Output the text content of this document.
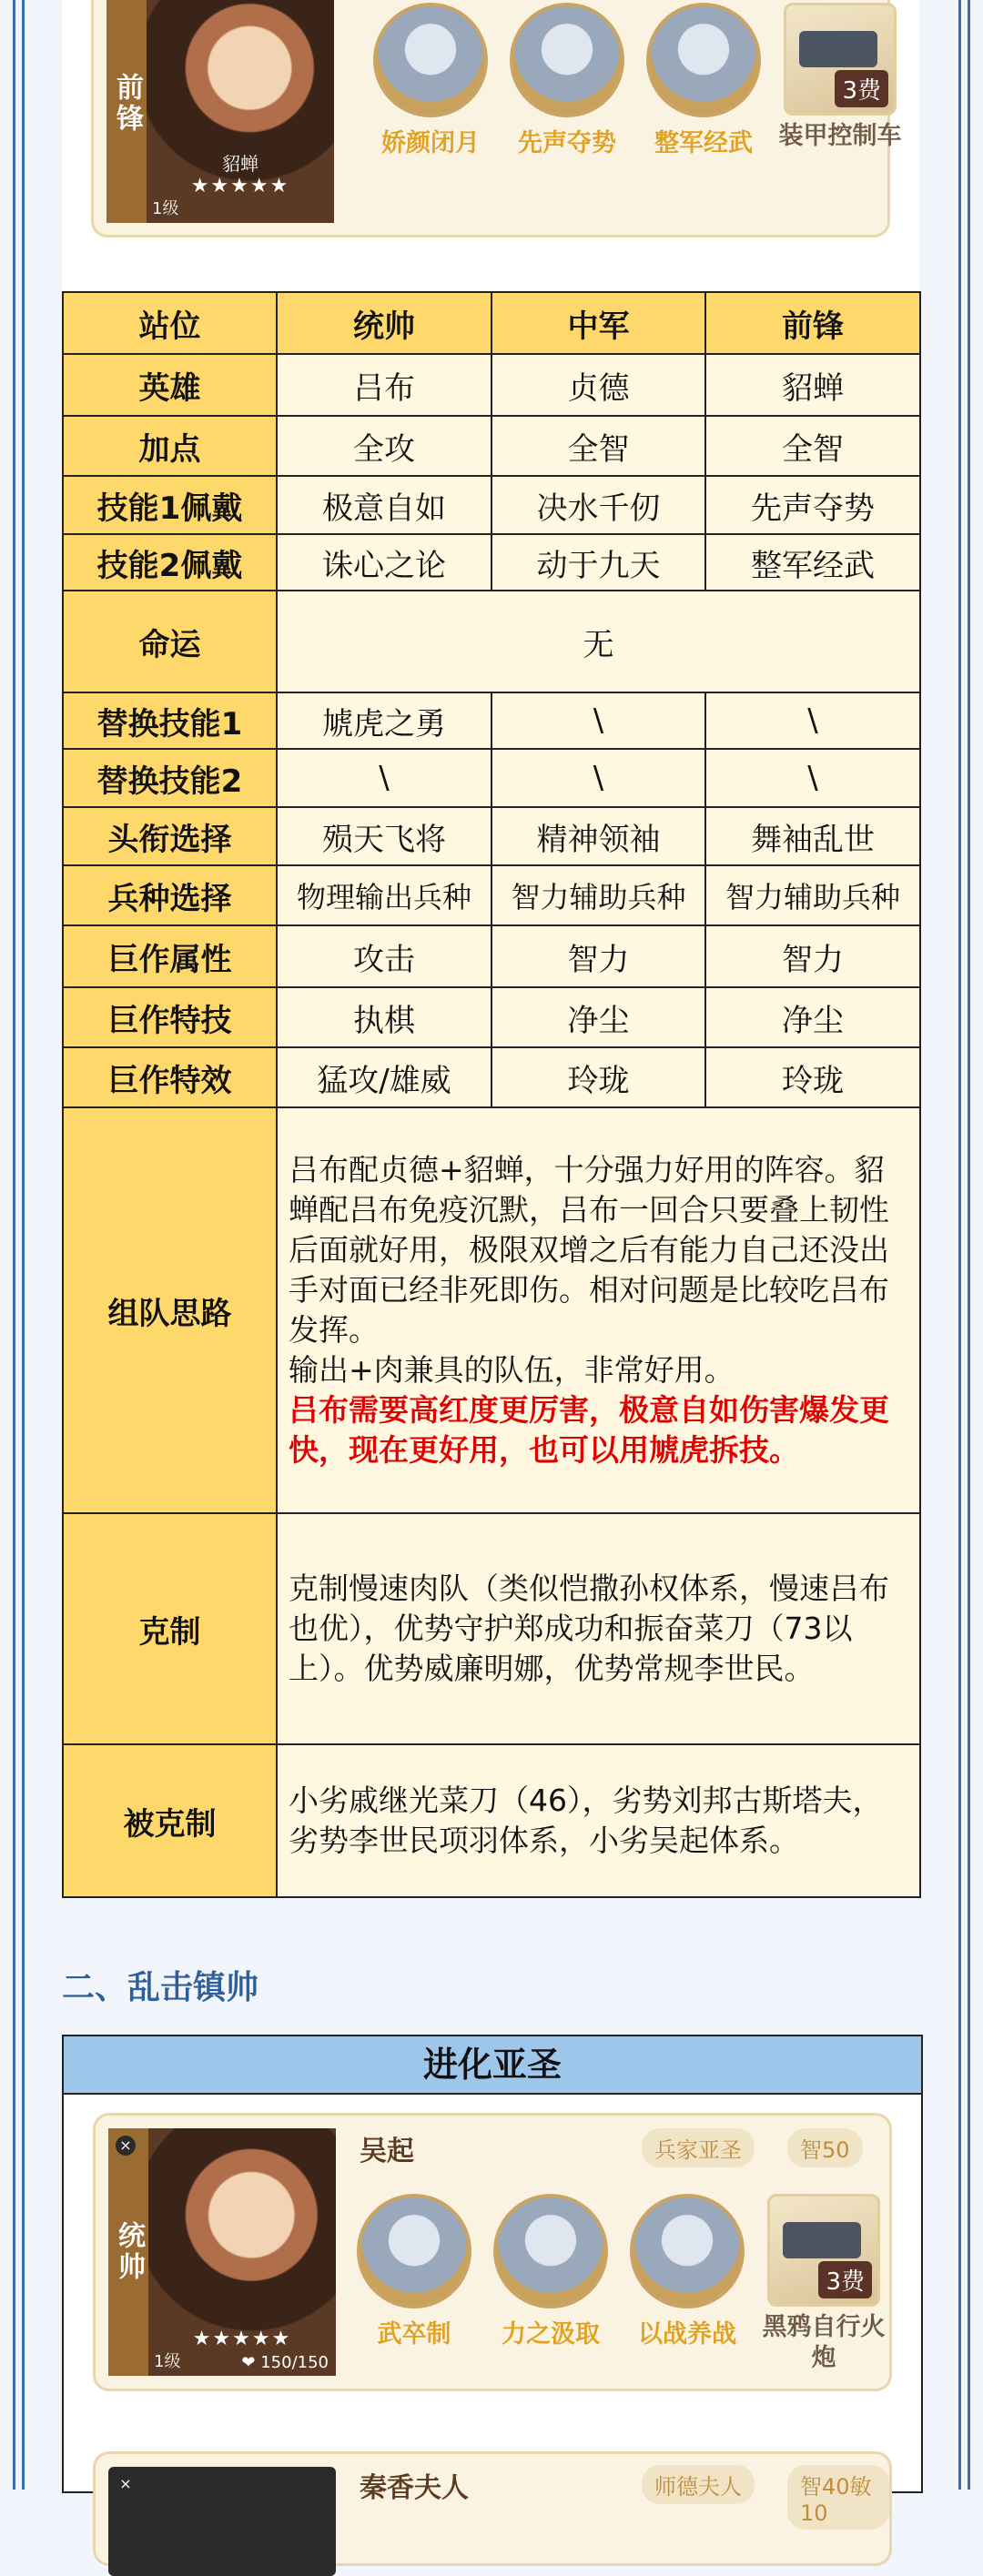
前锋
貂蝉
★★★★★
1级
娇颜闭月	先声夺势	整军经武
3费
装甲控制车
站位	统帅	中军	前锋
英雄	吕布	贞德	貂蝉
加点	全攻	全智	全智
技能1佩戴	极意自如	决水千仞	先声夺势
技能2佩戴	诛心之论	动于九天	整军经武
命运	无		
替换技能1	虓虎之勇	\	\
替换技能2	\	\	\
头衔选择	殒天飞将	精神领袖	舞袖乱世
兵种选择	物理输出兵种	智力辅助兵种	智力辅助兵种
巨作属性	攻击	智力	智力
巨作特技	执棋	净尘	净尘
巨作特效	猛攻/雄威	玲珑	玲珑
组队思路	吕布配贞德+貂蝉，十分强力好用的阵容。貂蝉配吕布免疫沉默，吕布一回合只要叠上韧性后面就好用，极限双增之后有能力自己还没出手对面已经非死即伤。相对问题是比较吃吕布发挥。
输出+肉兼具的队伍，非常好用。
吕布需要高红度更厉害，极意自如伤害爆发更快，现在更好用，也可以用虓虎拆技。		
克制	克制慢速肉队（类似恺撒孙权体系，慢速吕布也优），优势守护郑成功和振奋菜刀（73以上）。优势威廉明娜，优势常规李世民。		
被克制	小劣戚继光菜刀（46），劣势刘邦古斯塔夫，劣势李世民项羽体系，小劣吴起体系。		
二、乱击镇帅
进化亚圣
统帅
×
★★★★★
1级	❤ 150/150
吴起	兵家亚圣	智50
武卒制	力之汲取	以战养战
3费
黑鸦自行火炮
×	秦香夫人	师德夫人	智40敏10
